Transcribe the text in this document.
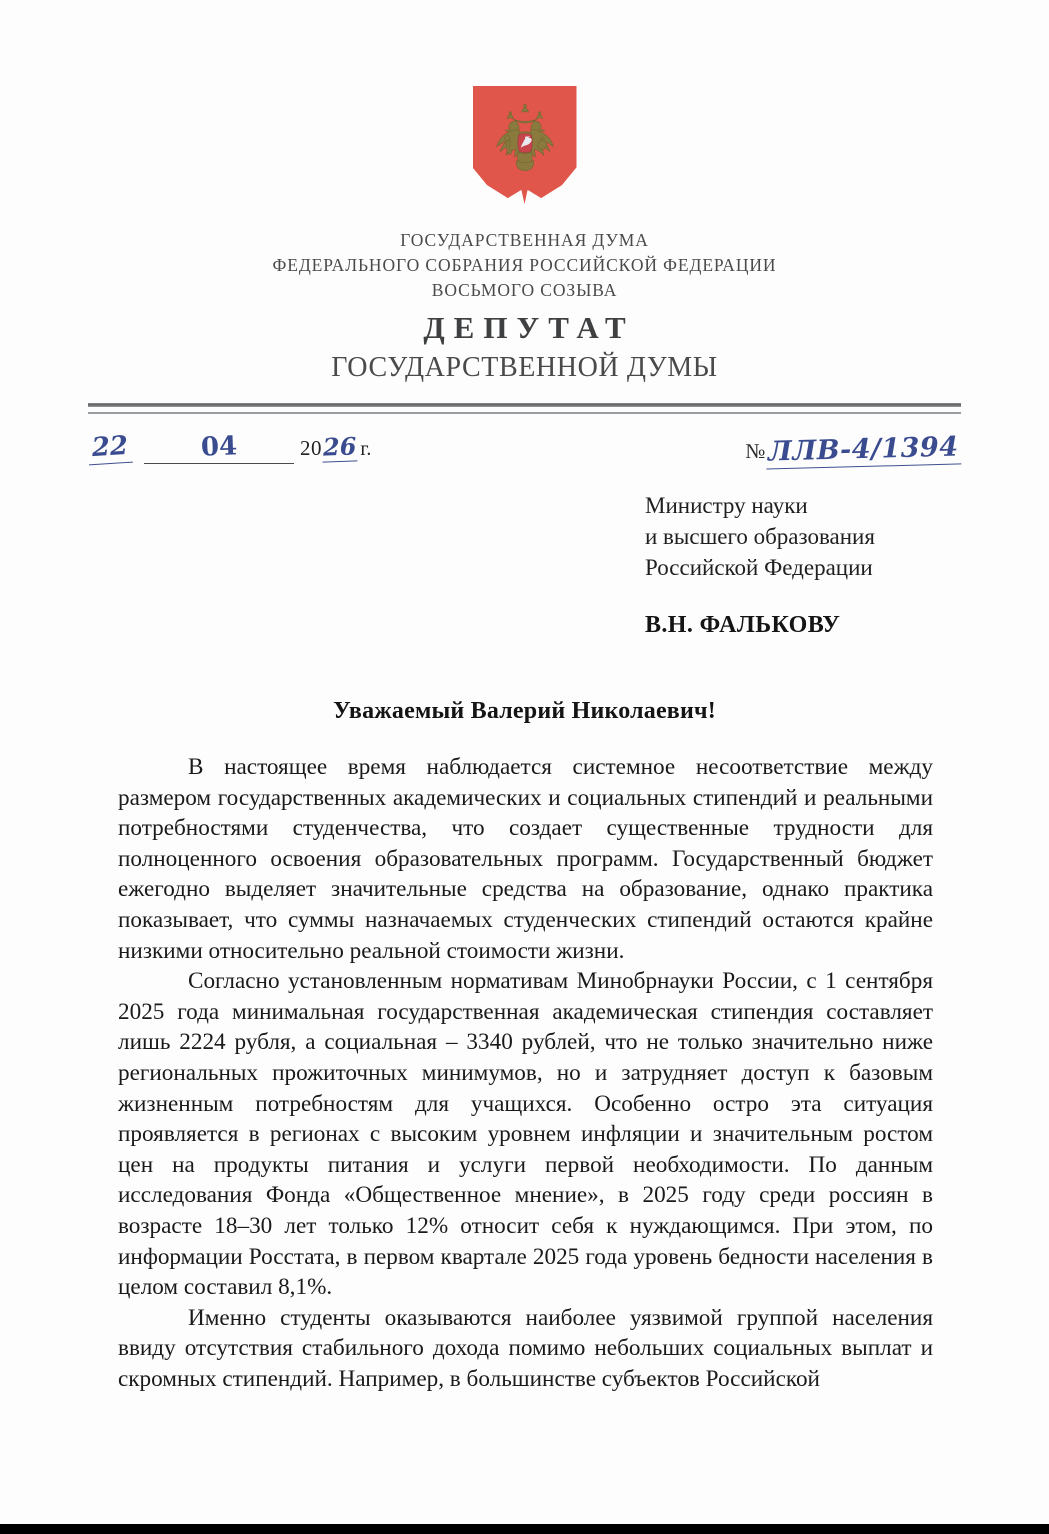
ГОСУДАРСТВЕННАЯ ДУМА
ФЕДЕРАЛЬНОГО СОБРАНИЯ РОССИЙСКОЙ ФЕДЕРАЦИИ
ВОСЬМОГО СОЗЫВА
ДЕПУТАТ
ГОСУДАРСТВЕННОЙ ДУМЫ
22	04	20 26 г.	№ ЛЛВ-4/1394
Министру науки
и высшего образования
Российской Федерации
В.Н. ФАЛЬКОВУ
Уважаемый Валерий Николаевич!

В настоящее время наблюдается системное несоответствие между размером государственных академических и социальных стипендий и реальными потребностями студенчества, что создает существенные трудности для полноценного освоения образовательных программ. Государственный бюджет ежегодно выделяет значительные средства на образование, однако практика показывает, что суммы назначаемых студенческих стипендий остаются крайне низкими относительно реальной стоимости жизни.

Согласно установленным нормативам Минобрнауки России, с 1 сентября 2025 года минимальная государственная академическая стипендия составляет лишь 2224 рубля, а социальная – 3340 рублей, что не только значительно ниже региональных прожиточных минимумов, но и затрудняет доступ к базовым жизненным потребностям для учащихся. Особенно остро эта ситуация проявляется в регионах с высоким уровнем инфляции и значительным ростом цен на продукты питания и услуги первой необходимости. По данным исследования Фонда «Общественное мнение», в 2025 году среди россиян в возрасте 18–30 лет только 12% относит себя к нуждающимся. При этом, по информации Росстата, в первом квартале 2025 года уровень бедности населения в целом составил 8,1%.

Именно студенты оказываются наиболее уязвимой группой населения ввиду отсутствия стабильного дохода помимо небольших социальных выплат и скромных стипендий. Например, в большинстве субъектов Российской
